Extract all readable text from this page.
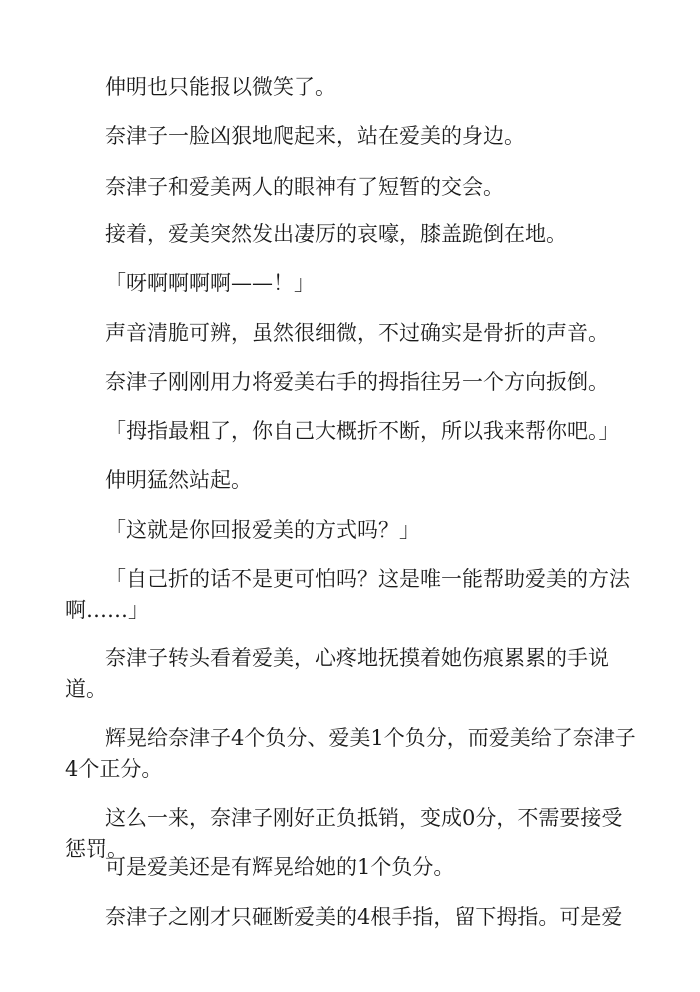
伸明也只能报以微笑了。

奈津子一脸凶狠地爬起来，站在爱美的身边。

奈津子和爱美两人的眼神有了短暂的交会。

接着，爱美突然发出凄厉的哀嚎，膝盖跪倒在地。

「呀啊啊啊啊——！」

声音清脆可辨，虽然很细微，不过确实是骨折的声音。

奈津子刚刚用力将爱美右手的拇指往另一个方向扳倒。

「拇指最粗了，你自己大概折不断，所以我来帮你吧。」

伸明猛然站起。

「这就是你回报爱美的方式吗？」

「自己折的话不是更可怕吗？这是唯一能帮助爱美的方法啊……」

奈津子转头看着爱美，心疼地抚摸着她伤痕累累的手说道。

辉晃给奈津子4个负分、爱美1个负分，而爱美给了奈津子4个正分。

这么一来，奈津子刚好正负抵销，变成0分，不需要接受惩罚。

可是爱美还是有辉晃给她的1个负分。

奈津子之刚才只砸断爱美的4根手指，留下拇指。可是爱
